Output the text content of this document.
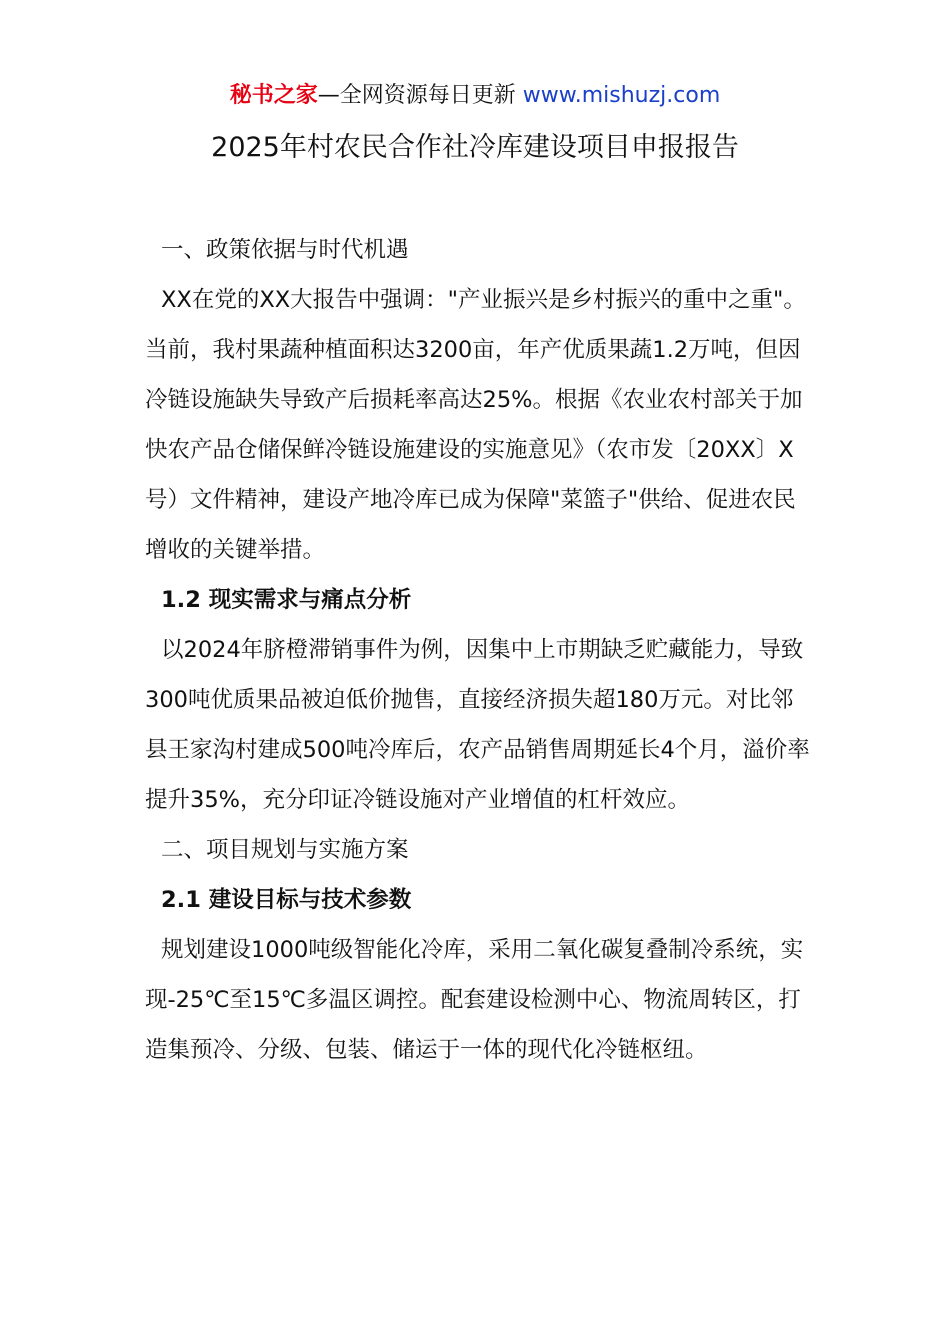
秘书之家—全网资源每日更新 www.mishuzj.com
2025年村农民合作社冷库建设项目申报报告

一、政策依据与时代机遇

XX在党的XX大报告中强调："产业振兴是乡村振兴的重中之重"。当前，我村果蔬种植面积达3200亩，年产优质果蔬1.2万吨，但因冷链设施缺失导致产后损耗率高达25%。根据《农业农村部关于加快农产品仓储保鲜冷链设施建设的实施意见》（农市发〔20XX〕X号）文件精神，建设产地冷库已成为保障"菜篮子"供给、促进农民增收的关键举措。

1.2 现实需求与痛点分析

以2024年脐橙滞销事件为例，因集中上市期缺乏贮藏能力，导致300吨优质果品被迫低价抛售，直接经济损失超180万元。对比邻县王家沟村建成500吨冷库后，农产品销售周期延长4个月，溢价率提升35%，充分印证冷链设施对产业增值的杠杆效应。

二、项目规划与实施方案

2.1 建设目标与技术参数

规划建设1000吨级智能化冷库，采用二氧化碳复叠制冷系统，实现-25℃至15℃多温区调控。配套建设检测中心、物流周转区，打造集预冷、分级、包装、储运于一体的现代化冷链枢纽。
